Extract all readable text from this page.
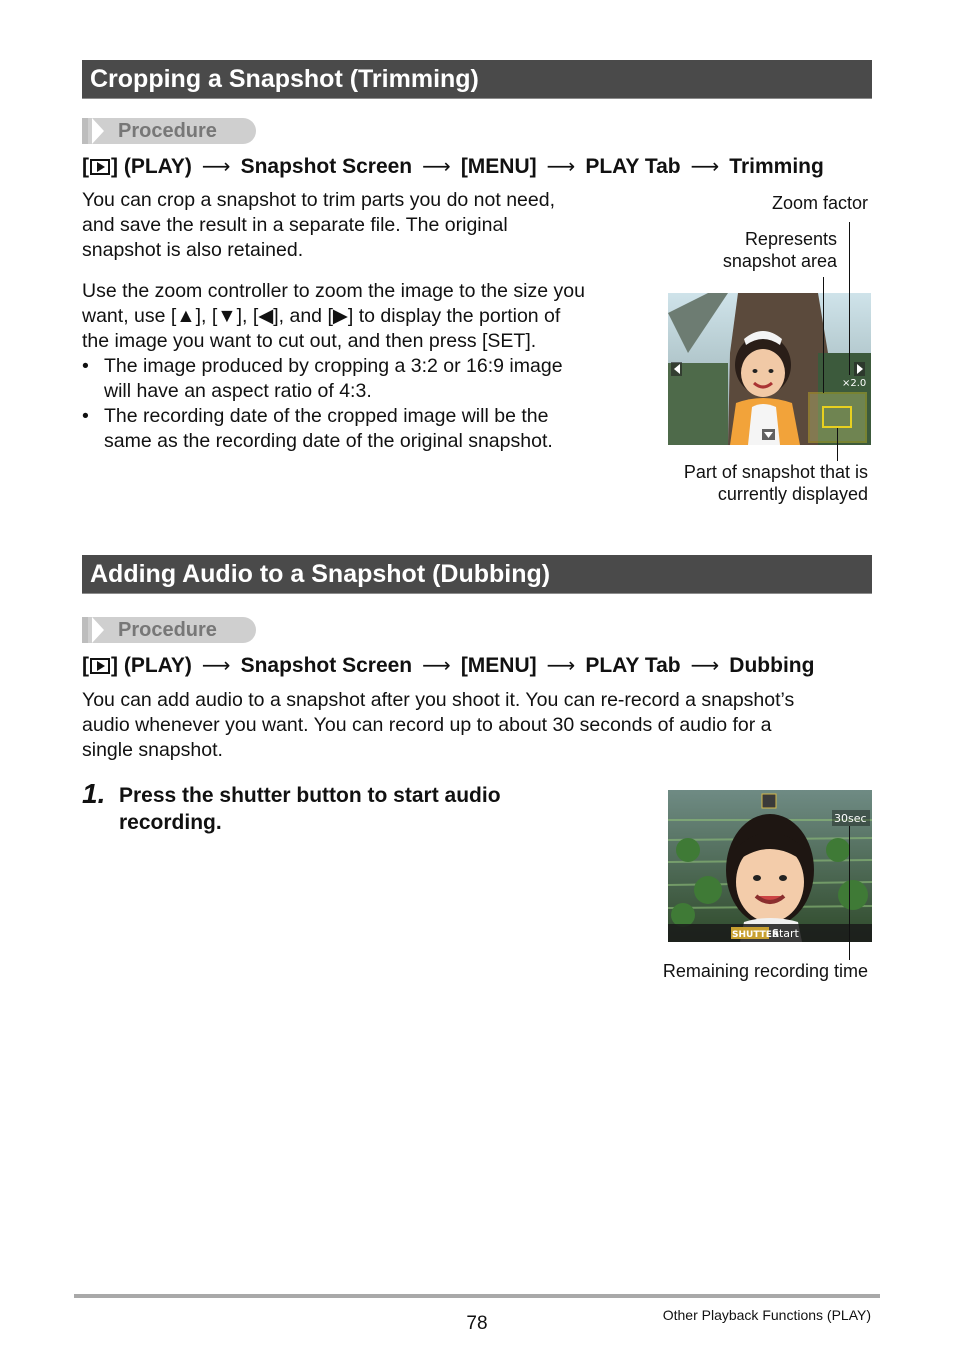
Cropping a Snapshot (Trimming)
Procedure
[ ] (PLAY) ⟶ Snapshot Screen ⟶ [MENU] ⟶ PLAY Tab ⟶ Trimming
You can crop a snapshot to trim parts you do not need,
and save the result in a separate file. The original
snapshot is also retained.
Use the zoom controller to zoom the image to the size you
want, use [▲], [▼], [◀], and [▶] to display the portion of
the image you want to cut out, and then press [SET].
• The image produced by cropping a 3:2 or 16:9 image
will have an aspect ratio of 4:3.
• The recording date of the cropped image will be the
same as the recording date of the original snapshot.
Zoom factor
Represents
snapshot area
×2.0
Part of snapshot that is
currently displayed
Adding Audio to a Snapshot (Dubbing)
Procedure
[ ] (PLAY) ⟶ Snapshot Screen ⟶ [MENU] ⟶ PLAY Tab ⟶ Dubbing
You can add audio to a snapshot after you shoot it. You can re-record a snapshot’s
audio whenever you want. You can record up to about 30 seconds of audio for a
single snapshot.
1. Press the shutter button to start audio
recording.	30sec
SHUTTER
Start
Remaining recording time
78	Other Playback Functions (PLAY)
